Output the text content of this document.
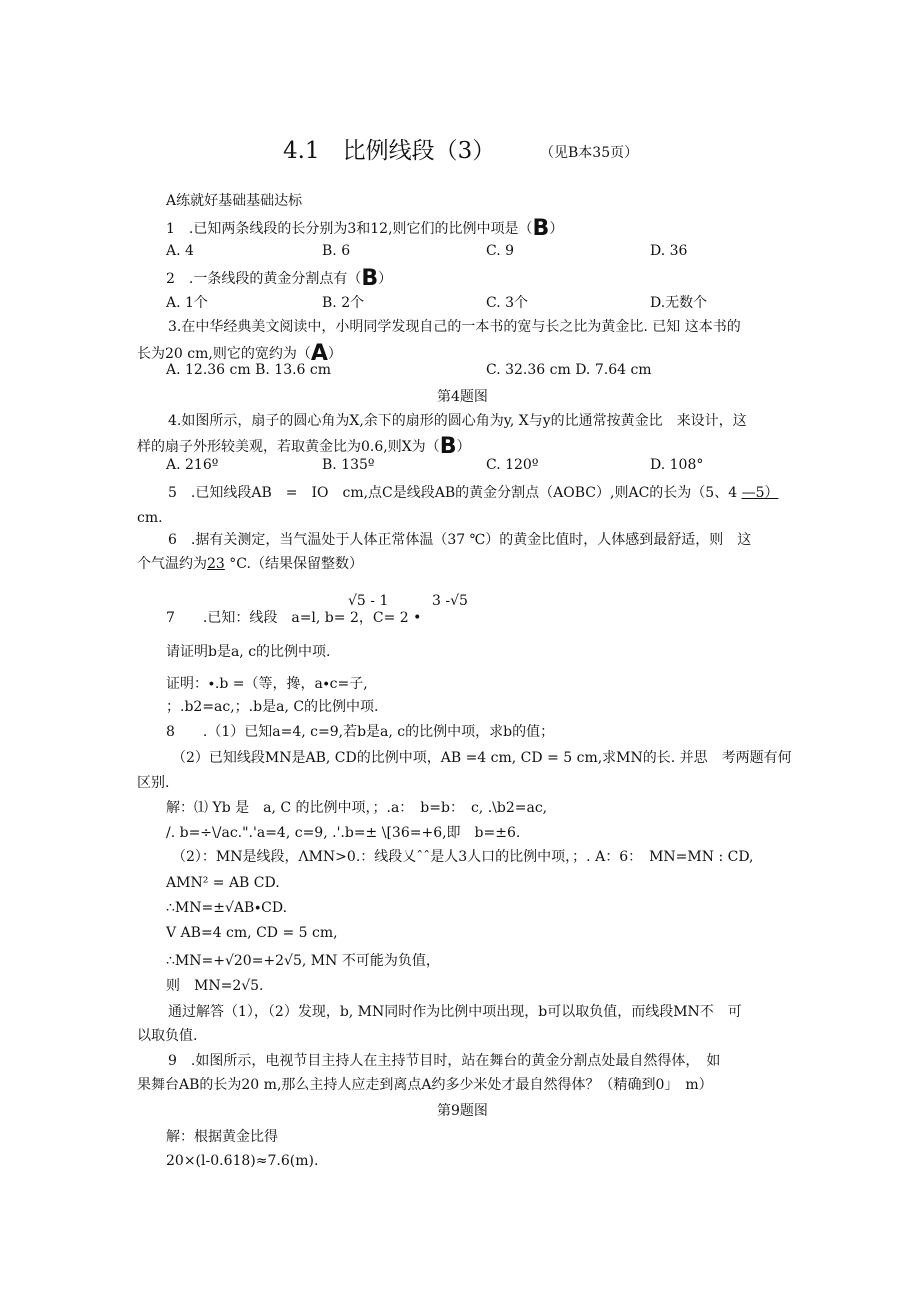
4.1　比例线段（3）	（见B本35页）
A练就好基础基础达标
1　.已知两条线段的长分别为3和12,则它们的比例中项是（B）
A. 4	B. 6	C. 9	D. 36
2　.一条线段的黄金分割点有（B）
A. 1个	B. 2个	C. 3个	D.无数个
3.在中华经典美文阅读中，小明同学发现自己的一本书的宽与长之比为黄金比. 已知 这本书的
长为20 cm,则它的宽约为（A）
A. 12.36 cm B. 13.6 cm	C. 32.36 cm D. 7.64 cm
第4题图
4.如图所示，扇子的圆心角为X,余下的扇形的圆心角为y, X与y的比通常按黄金比　来设计，这
样的扇子外形较美观，若取黄金比为0.6,则X为（B）
A. 216º	B. 135º	C. 120º	D. 108°
5　.已知线段AB　=　IO　cm,点C是线段AB的黄金分割点（AOBC）,则AC的长为（5、4 —5）
cm.
6　.据有关测定，当气温处于人体正常体温（37 ℃）的黄金比值时，人体感到最舒适，则　这
个气温约为23 °C.（结果保留整数）
√5 - 1	3 -√5
7　　.已知：线段　a=l, b= 2，C= 2 •
请证明b是a, c的比例中项.
证明：∙.b =（等，搀，a∙c=子,
；.b2=ac,；.b是a, C的比例中项.
8　　.（1）已知a=4, c=9,若b是a, c的比例中项，求b的值；
（2）已知线段MN是AB, CD的比例中项，AB =4 cm, CD = 5 cm,求MN的长. 并思　考两题有何
区别.
解：⑴ Yb 是　a, C 的比例中项，；.a：　b=b：　c, .\b2=ac,
/. b=÷\/ac.".'a=4, c=9, .'.b=± \[36=+6,即　b=±6.
（2）：MN是线段，ΛMN>0.：线段乂ˆˆ是人3人口的比例中项，；. A：6：　MN=MN : CD,
AMN² = AB CD.
∴MN=±√AB∙CD.
V AB=4 cm, CD = 5 cm,
∴MN=+√20=+2√5, MN 不可能为负值，
则　MN=2√5.
通过解答（1），（2）发现，b, MN同时作为比例中项出现，b可以取负值，而线段MN不　可
以取负值.
9　.如图所示，电视节目主持人在主持节目时，站在舞台的黄金分割点处最自然得体，　如
果舞台AB的长为20 m,那么主持人应走到离点A约多少米处才最自然得体？（精确到0」　m）
第9题图
解：根据黄金比得
20×(l-0.618)≈7.6(m).
